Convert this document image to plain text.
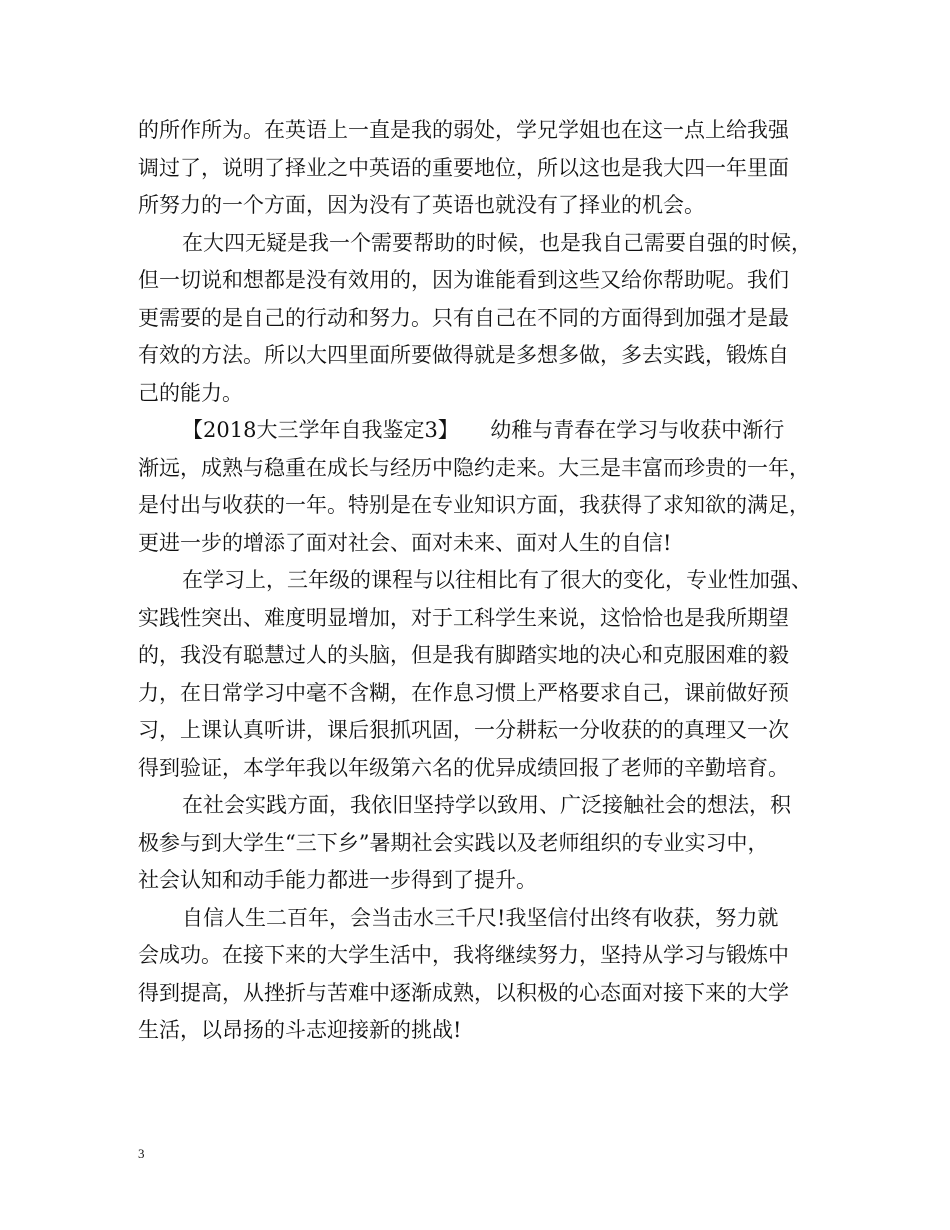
的所作所为。在英语上一直是我的弱处，学兄学姐也在这一点上给我强
调过了，说明了择业之中英语的重要地位，所以这也是我大四一年里面
所努力的一个方面，因为没有了英语也就没有了择业的机会。
在大四无疑是我一个需要帮助的时候，也是我自己需要自强的时候，
但一切说和想都是没有效用的，因为谁能看到这些又给你帮助呢。我们
更需要的是自己的行动和努力。只有自己在不同的方面得到加强才是最
有效的方法。所以大四里面所要做得就是多想多做，多去实践，锻炼自
己的能力。
【2018大三学年自我鉴定3】　　幼稚与青春在学习与收获中渐行
渐远，成熟与稳重在成长与经历中隐约走来。大三是丰富而珍贵的一年，
是付出与收获的一年。特别是在专业知识方面，我获得了求知欲的满足，
更进一步的增添了面对社会、面对未来、面对人生的自信!
在学习上，三年级的课程与以往相比有了很大的变化，专业性加强、
实践性突出、难度明显增加，对于工科学生来说，这恰恰也是我所期望
的，我没有聪慧过人的头脑，但是我有脚踏实地的决心和克服困难的毅
力，在日常学习中毫不含糊，在作息习惯上严格要求自己，课前做好预
习，上课认真听讲，课后狠抓巩固，一分耕耘一分收获的的真理又一次
得到验证，本学年我以年级第六名的优异成绩回报了老师的辛勤培育。
在社会实践方面，我依旧坚持学以致用、广泛接触社会的想法，积
极参与到大学生“三下乡”暑期社会实践以及老师组织的专业实习中，
社会认知和动手能力都进一步得到了提升。
自信人生二百年，会当击水三千尺!我坚信付出终有收获，努力就
会成功。在接下来的大学生活中，我将继续努力，坚持从学习与锻炼中
得到提高，从挫折与苦难中逐渐成熟，以积极的心态面对接下来的大学
生活，以昂扬的斗志迎接新的挑战!
3
